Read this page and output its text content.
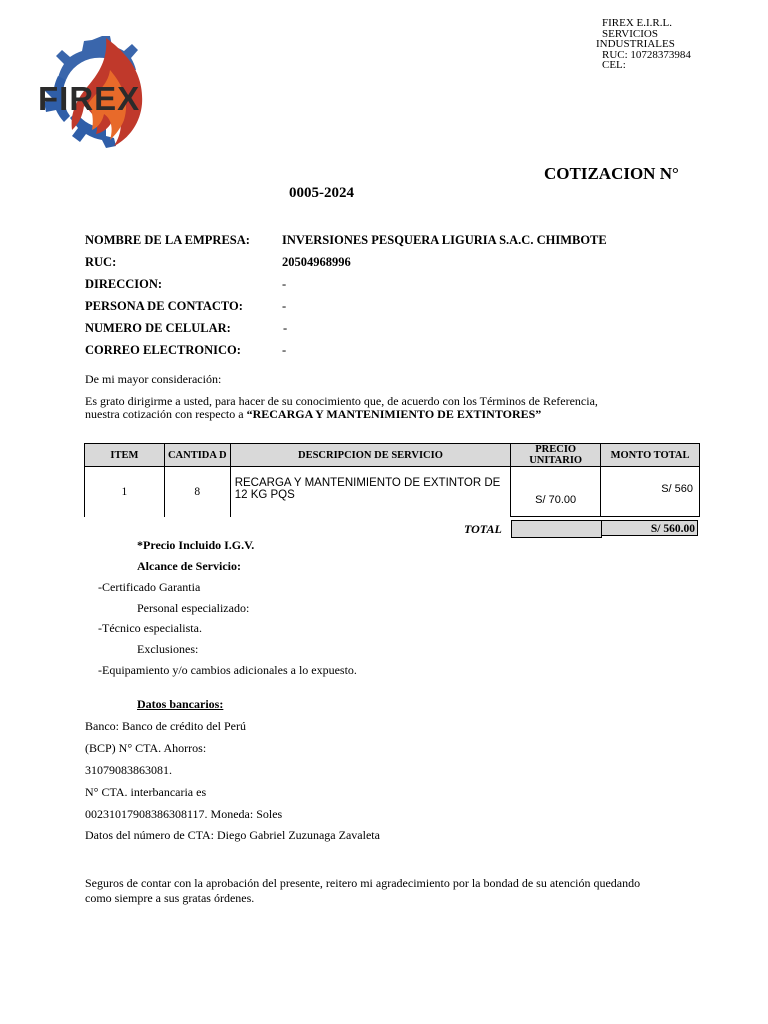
FIREX
FIREX E.I.R.L.
SERVICIOS
INDUSTRIALES
RUC: 10728373984
CEL:
COTIZACION N°
0005-2024
NOMBRE DE LA EMPRESA:	INVERSIONES PESQUERA LIGURIA S.A.C. CHIMBOTE
RUC:	20504968996
DIRECCION:	-
PERSONA DE CONTACTO:	-
NUMERO DE CELULAR:	-
CORREO ELECTRONICO:	-
De mi mayor consideración:
Es grato dirigirme a usted, para hacer de su conocimiento que, de acuerdo con los Términos de Referencia,
nuestra cotización con respecto a “RECARGA Y MANTENIMIENTO DE EXTINTORES”
ITEM	CANTIDA D	DESCRIPCION DE SERVICIO	PRECIO UNITARIO	MONTO TOTAL
1	8	RECARGA Y MANTENIMIENTO DE EXTINTOR DE 12 KG PQS	S/ 70.00	S/ 560
TOTAL	S/ 560.00
*Precio Incluido I.G.V.
Alcance de Servicio:
-Certificado Garantia
Personal especializado:
-Técnico especialista.
Exclusiones:
-Equipamiento y/o cambios adicionales a lo expuesto.
Datos bancarios:
Banco: Banco de crédito del Perú
(BCP) N° CTA. Ahorros:
31079083863081.
N° CTA. interbancaria es
00231017908386308117. Moneda: Soles
Datos del número de CTA: Diego Gabriel Zuzunaga Zavaleta
Seguros de contar con la aprobación del presente, reitero mi agradecimiento por la bondad de su atención quedando
como siempre a sus gratas órdenes.
